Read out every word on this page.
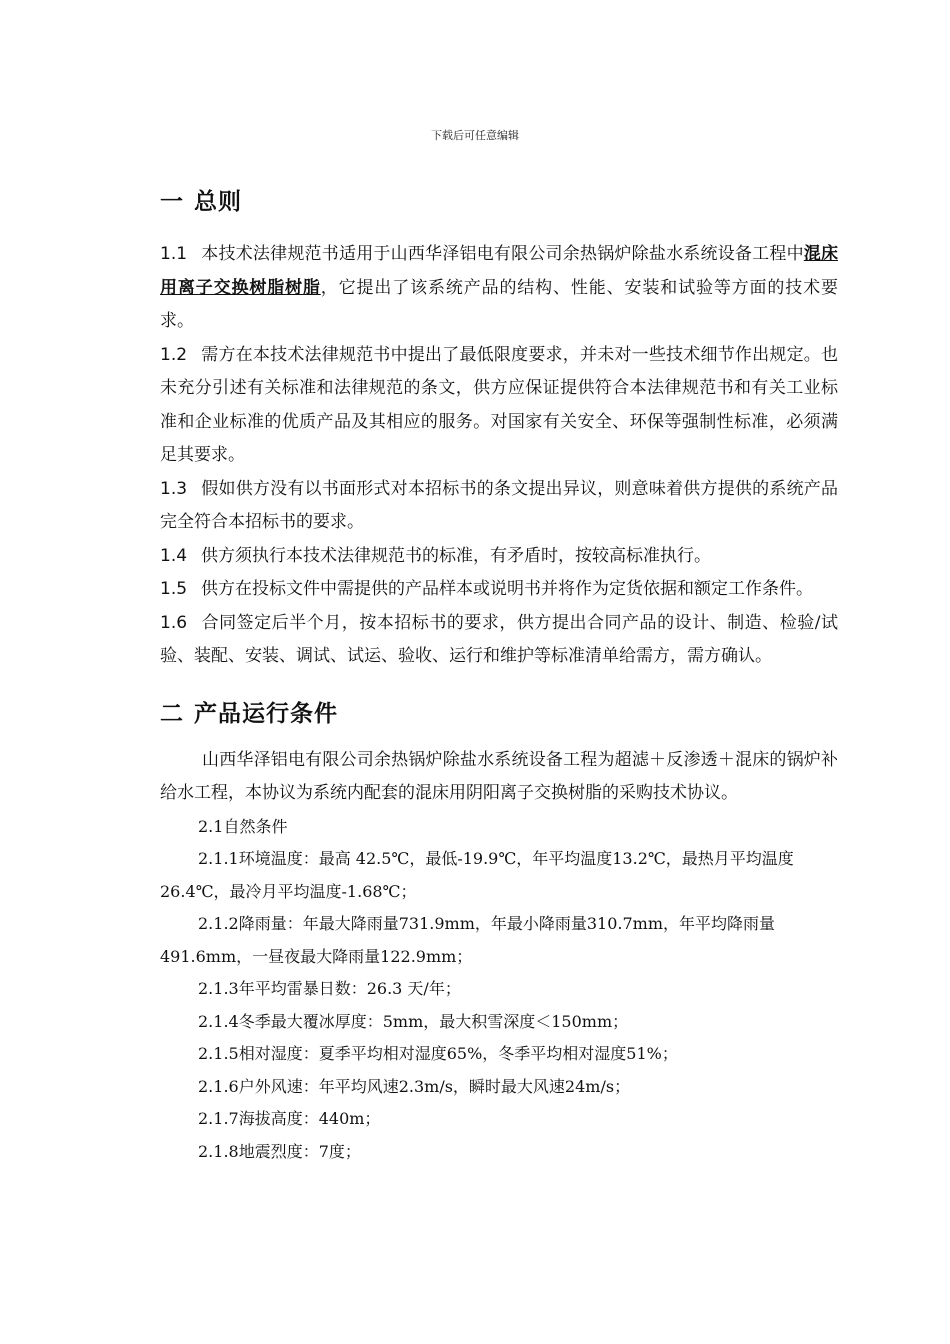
下载后可任意编辑
一 总则

1.1 本技术法律规范书适用于山西华泽铝电有限公司余热锅炉除盐水系统设备工程中混床用离子交换树脂树脂，它提出了该系统产品的结构、性能、安装和试验等方面的技术要求。

1.2 需方在本技术法律规范书中提出了最低限度要求，并未对一些技术细节作出规定。也未充分引述有关标准和法律规范的条文，供方应保证提供符合本法律规范书和有关工业标准和企业标准的优质产品及其相应的服务。对国家有关安全、环保等强制性标准，必须满足其要求。

1.3 假如供方没有以书面形式对本招标书的条文提出异议，则意味着供方提供的系统产品完全符合本招标书的要求。

1.4 供方须执行本技术法律规范书的标准，有矛盾时，按较高标准执行。

1.5 供方在投标文件中需提供的产品样本或说明书并将作为定货依据和额定工作条件。

1.6 合同签定后半个月，按本招标书的要求，供方提出合同产品的设计、制造、检验/试验、装配、安装、调试、试运、验收、运行和维护等标准清单给需方，需方确认。

二 产品运行条件

山西华泽铝电有限公司余热锅炉除盐水系统设备工程为超滤＋反渗透＋混床的锅炉补给水工程，本协议为系统内配套的混床用阴阳离子交换树脂的采购技术协议。

2.1自然条件

2.1.1环境温度：最高 42.5℃，最低-19.9℃，年平均温度13.2℃，最热月平均温度26.4℃，最冷月平均温度-1.68℃；

2.1.2降雨量：年最大降雨量731.9mm，年最小降雨量310.7mm，年平均降雨量491.6mm，一昼夜最大降雨量122.9mm；

2.1.3年平均雷暴日数：26.3 天/年；

2.1.4冬季最大覆冰厚度：5mm，最大积雪深度＜150mm；

2.1.5相对湿度：夏季平均相对湿度65%，冬季平均相对湿度51%；

2.1.6户外风速：年平均风速2.3m/s，瞬时最大风速24m/s；

2.1.7海拔高度：440m；

2.1.8地震烈度：7度；
